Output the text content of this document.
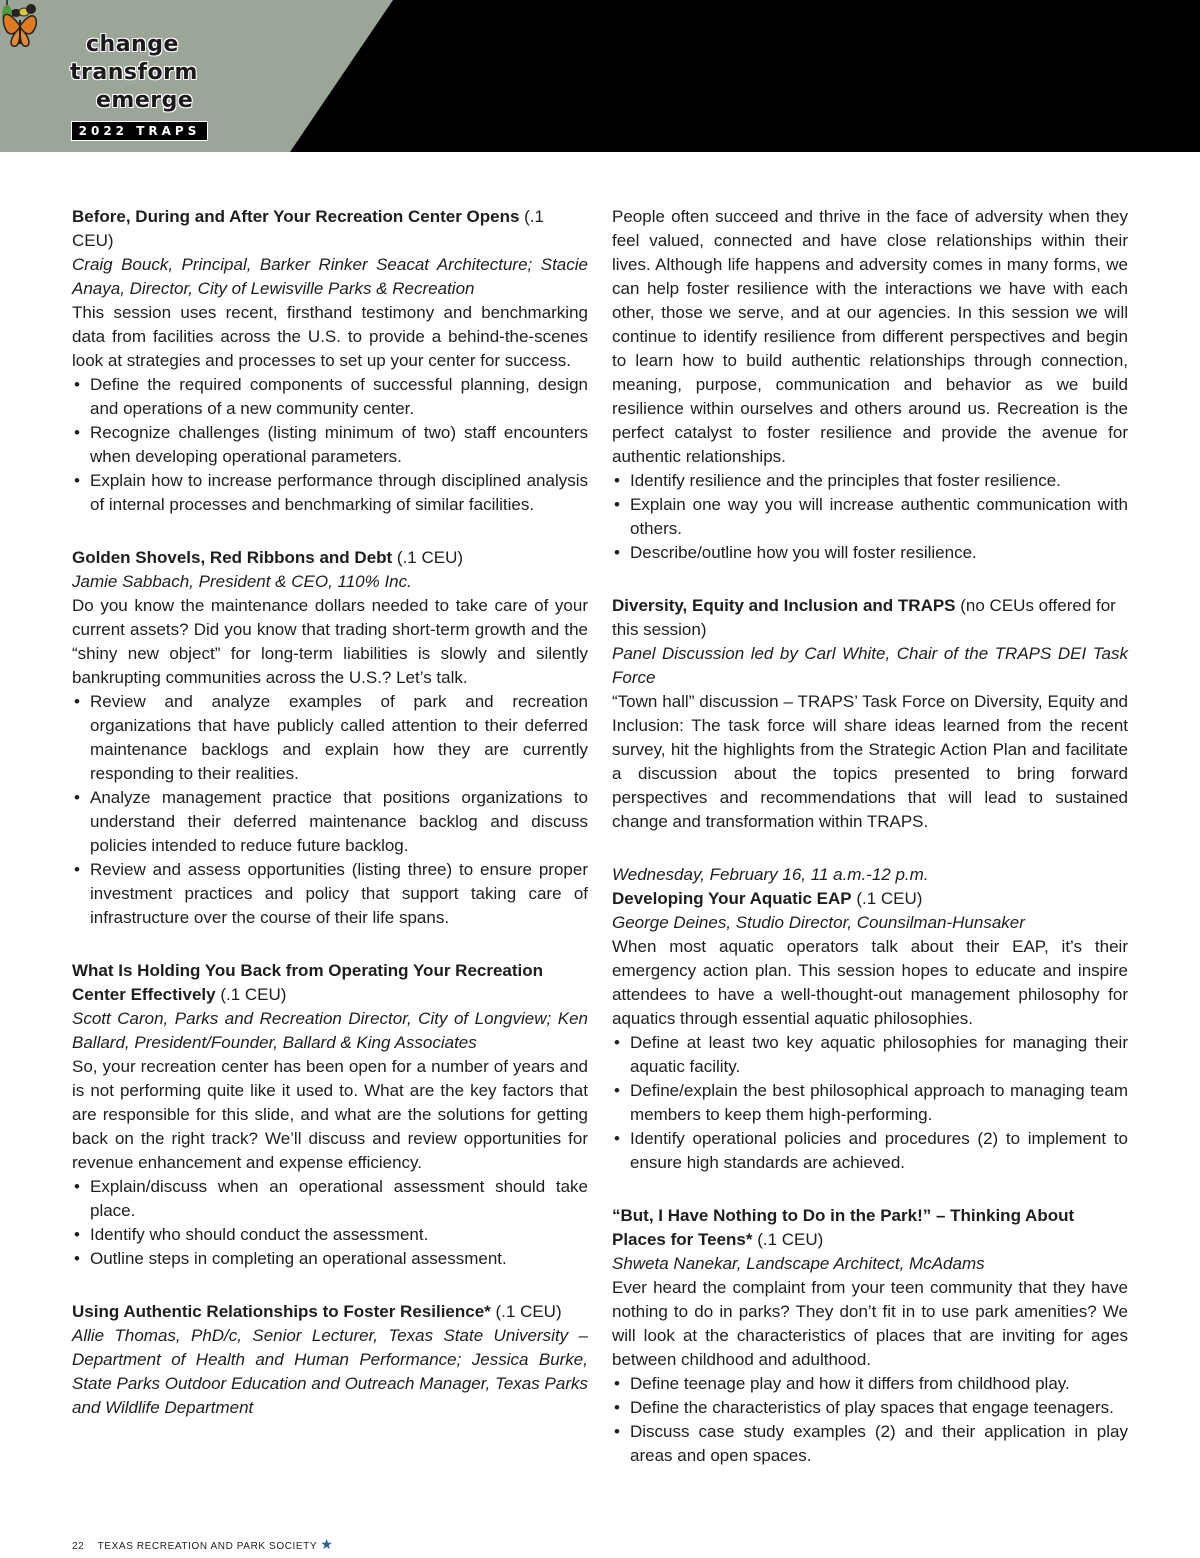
change
transform
emerge
2022 TRAPS
Before, During and After Your Recreation Center Opens (.1 CEU)

Craig Bouck, Principal, Barker Rinker Seacat Architecture; Stacie Anaya, Director, City of Lewisville Parks & Recreation

This session uses recent, firsthand testimony and benchmarking data from facilities across the U.S. to provide a behind-the-scenes look at strategies and processes to set up your center for success.

• Define the required components of successful planning, design and operations of a new community center.
• Recognize challenges (listing minimum of two) staff encounters when developing operational parameters.
• Explain how to increase performance through disciplined analysis of internal processes and benchmarking of similar facilities.
Golden Shovels, Red Ribbons and Debt (.1 CEU)

Jamie Sabbach, President & CEO, 110% Inc.

Do you know the maintenance dollars needed to take care of your current assets? Did you know that trading short-term growth and the “shiny new object” for long-term liabilities is slowly and silently bankrupting communities across the U.S.? Let’s talk.

• Review and analyze examples of park and recreation organizations that have publicly called attention to their deferred maintenance backlogs and explain how they are currently responding to their realities.
• Analyze management practice that positions organizations to understand their deferred maintenance backlog and discuss policies intended to reduce future backlog.
• Review and assess opportunities (listing three) to ensure proper investment practices and policy that support taking care of infrastructure over the course of their life spans.
What Is Holding You Back from Operating Your Recreation Center Effectively (.1 CEU)

Scott Caron, Parks and Recreation Director, City of Longview; Ken Ballard, President/Founder, Ballard & King Associates

So, your recreation center has been open for a number of years and is not performing quite like it used to. What are the key factors that are responsible for this slide, and what are the solutions for getting back on the right track? We’ll discuss and review opportunities for revenue enhancement and expense efficiency.

• Explain/discuss when an operational assessment should take place.
• Identify who should conduct the assessment.
• Outline steps in completing an operational assessment.
Using Authentic Relationships to Foster Resilience* (.1 CEU)

Allie Thomas, PhD/c, Senior Lecturer, Texas State University – Department of Health and Human Performance; Jessica Burke, State Parks Outdoor Education and Outreach Manager, Texas Parks and Wildlife Department

People often succeed and thrive in the face of adversity when they feel valued, connected and have close relationships within their lives. Although life happens and adversity comes in many forms, we can help foster resilience with the interactions we have with each other, those we serve, and at our agencies. In this session we will continue to identify resilience from different perspectives and begin to learn how to build authentic relationships through connection, meaning, purpose, communication and behavior as we build resilience within ourselves and others around us. Recreation is the perfect catalyst to foster resilience and provide the avenue for authentic relationships.

• Identify resilience and the principles that foster resilience.
• Explain one way you will increase authentic communication with others.
• Describe/outline how you will foster resilience.
Diversity, Equity and Inclusion and TRAPS (no CEUs offered for this session)

Panel Discussion led by Carl White, Chair of the TRAPS DEI Task Force

“Town hall” discussion – TRAPS’ Task Force on Diversity, Equity and Inclusion: The task force will share ideas learned from the recent survey, hit the highlights from the Strategic Action Plan and facilitate a discussion about the topics presented to bring forward perspectives and recommendations that will lead to sustained change and transformation within TRAPS.

Wednesday, February 16, 11 a.m.-12 p.m.
Developing Your Aquatic EAP (.1 CEU)

George Deines, Studio Director, Counsilman-Hunsaker

When most aquatic operators talk about their EAP, it’s their emergency action plan. This session hopes to educate and inspire attendees to have a well-thought-out management philosophy for aquatics through essential aquatic philosophies.

• Define at least two key aquatic philosophies for managing their aquatic facility.
• Define/explain the best philosophical approach to managing team members to keep them high-performing.
• Identify operational policies and procedures (2) to implement to ensure high standards are achieved.
“But, I Have Nothing to Do in the Park!” – Thinking About Places for Teens* (.1 CEU)

Shweta Nanekar, Landscape Architect, McAdams

Ever heard the complaint from your teen community that they have nothing to do in parks? They don’t fit in to use park amenities? We will look at the characteristics of places that are inviting for ages between childhood and adulthood.

• Define teenage play and how it differs from childhood play.
• Define the characteristics of play spaces that engage teenagers.
• Discuss case study examples (2) and their application in play areas and open spaces.
22 TEXAS RECREATION AND PARK SOCIETY ★
